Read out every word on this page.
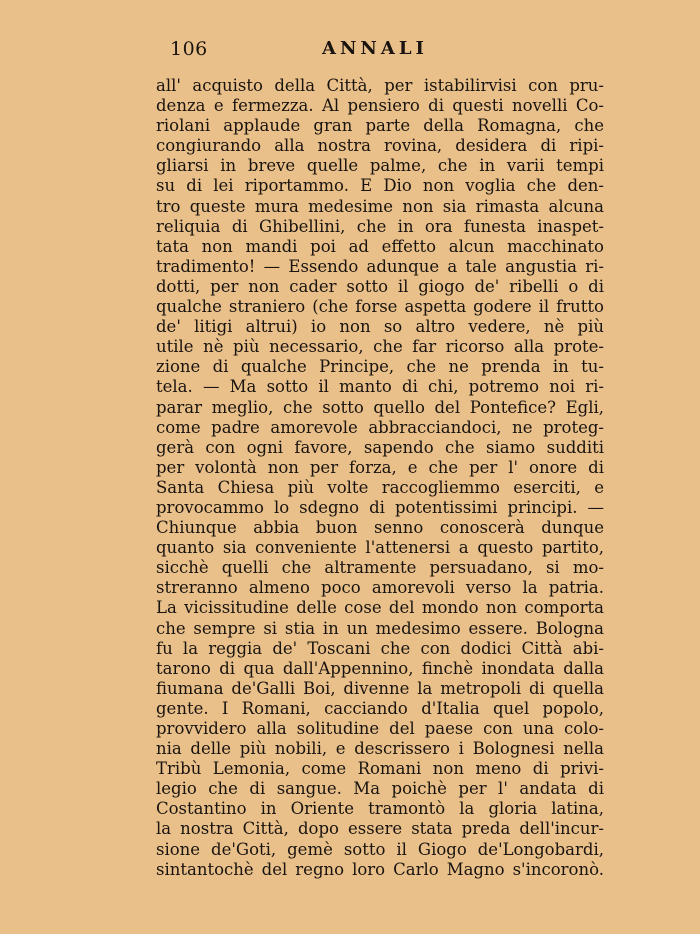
106	ANNALI
all' acquisto della Città, per istabilirvisi con pru-
denza e fermezza. Al pensiero di questi novelli Co-
riolani applaude gran parte della Romagna, che
congiurando alla nostra rovina, desidera di ripi-
gliarsi in breve quelle palme, che in varii tempi
su di lei riportammo. E Dio non voglia che den-
tro queste mura medesime non sia rimasta alcuna
reliquia di Ghibellini, che in ora funesta inaspet-
tata non mandi poi ad effetto alcun macchinato
tradimento! — Essendo adunque a tale angustia ri-
dotti, per non cader sotto il giogo de' ribelli o di
qualche straniero (che forse aspetta godere il frutto
de' litigi altrui) io non so altro vedere, nè più
utile nè più necessario, che far ricorso alla prote-
zione di qualche Principe, che ne prenda in tu-
tela. — Ma sotto il manto di chi, potremo noi ri-
parar meglio, che sotto quello del Pontefice? Egli,
come padre amorevole abbracciandoci, ne proteg-
gerà con ogni favore, sapendo che siamo sudditi
per volontà non per forza, e che per l' onore di
Santa Chiesa più volte raccogliemmo eserciti, e
provocammo lo sdegno di potentissimi principi. —
Chiunque abbia buon senno conoscerà dunque
quanto sia conveniente l'attenersi a questo partito,
sicchè quelli che altramente persuadano, si mo-
streranno almeno poco amorevoli verso la patria.
La vicissitudine delle cose del mondo non comporta
che sempre si stia in un medesimo essere. Bologna
fu la reggia de' Toscani che con dodici Città abi-
tarono di qua dall'Appennino, finchè inondata dalla
fiumana de'Galli Boi, divenne la metropoli di quella
gente. I Romani, cacciando d'Italia quel popolo,
provvidero alla solitudine del paese con una colo-
nia delle più nobili, e descrissero i Bolognesi nella
Tribù Lemonia, come Romani non meno di privi-
legio che di sangue. Ma poichè per l' andata di
Costantino in Oriente tramontò la gloria latina,
la nostra Città, dopo essere stata preda dell'incur-
sione de'Goti, gemè sotto il Giogo de'Longobardi,
sintantochè del regno loro Carlo Magno s'incoronò.
